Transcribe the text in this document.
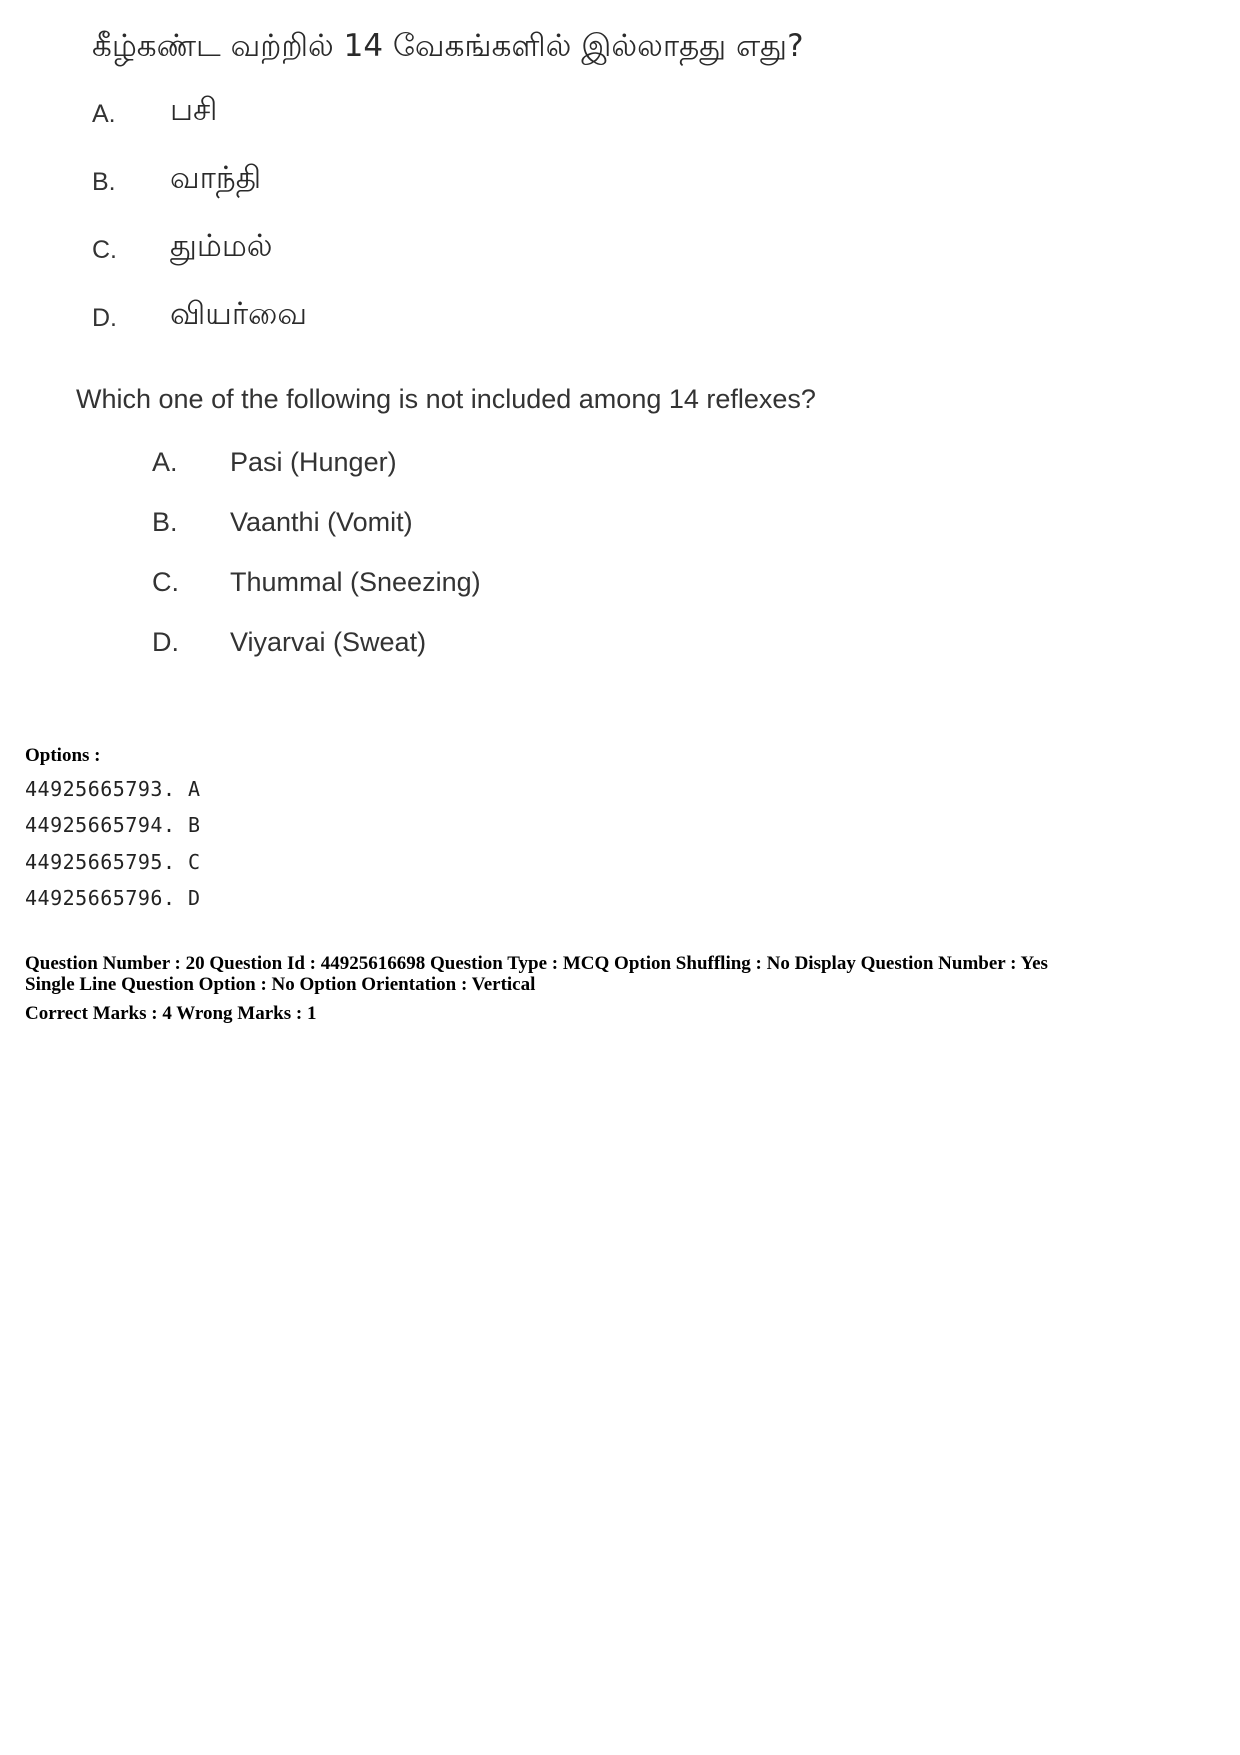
கீழ்கண்ட வற்றில் 14 வேகங்களில் இல்லாதது எது?
A. பசி
B. வாந்தி
C. தும்மல்
D. வியர்வை
Which one of the following is not included among 14 reflexes?
A. Pasi (Hunger)
B. Vaanthi (Vomit)
C. Thummal (Sneezing)
D. Viyarvai (Sweat)
Options :
44925665793. A
44925665794. B
44925665795. C
44925665796. D
Question Number : 20 Question Id : 44925616698 Question Type : MCQ Option Shuffling : No Display Question Number : Yes
Single Line Question Option : No Option Orientation : Vertical
Correct Marks : 4 Wrong Marks : 1
